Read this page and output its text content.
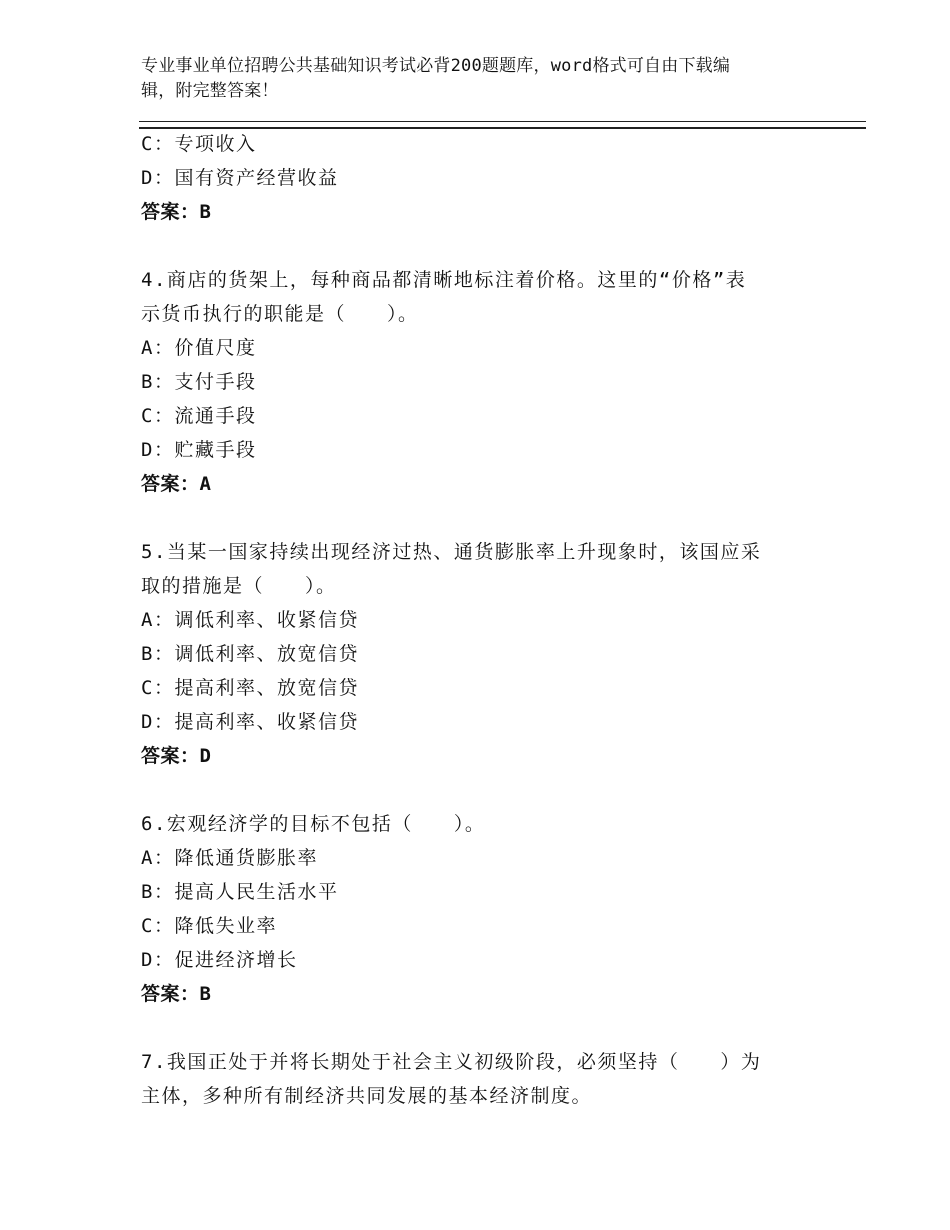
专业事业单位招聘公共基础知识考试必背200题题库，word格式可自由下载编
辑，附完整答案！
C：专项收入
D：国有资产经营收益
答案：B
4.商店的货架上，每种商品都清晰地标注着价格。这里的“价格”表
示货币执行的职能是（　　）。
A：价值尺度
B：支付手段
C：流通手段
D：贮藏手段
答案：A
5.当某一国家持续出现经济过热、通货膨胀率上升现象时，该国应采
取的措施是（　　）。
A：调低利率、收紧信贷
B：调低利率、放宽信贷
C：提高利率、放宽信贷
D：提高利率、收紧信贷
答案：D
6.宏观经济学的目标不包括（　　）。
A：降低通货膨胀率
B：提高人民生活水平
C：降低失业率
D：促进经济增长
答案：B
7.我国正处于并将长期处于社会主义初级阶段，必须坚持（　　）为
主体，多种所有制经济共同发展的基本经济制度。
